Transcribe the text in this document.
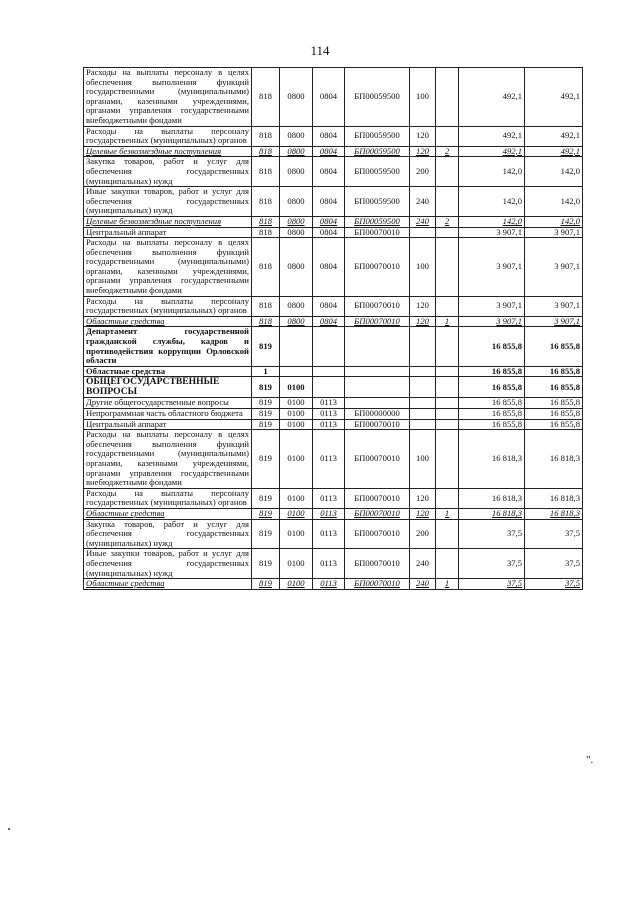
114
Расходы на выплаты персоналу в целях обеспечения выполнения функций государственными (муниципальными) органами, казенными учреждениями, органами управления государственными внебюджетными фондами	818	0800	0804	БП00059500	100		492,1	492,1
Расходы на выплаты персоналу государственных (муниципальных) органов	818	0800	0804	БП00059500	120		492,1	492,1
Целевые безвозмездные поступления	818	0800	0804	БП00059500	120	2	492,1	492,1
Закупка товаров, работ и услуг для обеспечения государственных (муниципальных) нужд	818	0800	0804	БП00059500	200		142,0	142,0
Иные закупки товаров, работ и услуг для обеспечения государственных (муниципальных) нужд	818	0800	0804	БП00059500	240		142,0	142,0
Целевые безвозмездные поступления	818	0800	0804	БП00059500	240	2	142,0	142,0
Центральный аппарат	818	0800	0804	БП00070010			3 907,1	3 907,1
Расходы на выплаты персоналу в целях обеспечения выполнения функций государственными (муниципальными) органами, казенными учреждениями, органами управления государственными внебюджетными фондами	818	0800	0804	БП00070010	100		3 907,1	3 907,1
Расходы на выплаты персоналу государственных (муниципальных) органов	818	0800	0804	БП00070010	120		3 907,1	3 907,1
Областные средства	818	0800	0804	БП00070010	120	1	3 907,1	3 907,1
Департамент государственной гражданской службы, кадров и противодействия коррупции Орловской области	819						16 855,8	16 855,8
Областные средства	1						16 855,8	16 855,8
ОБЩЕГОСУДАРСТВЕННЫЕ ВОПРОСЫ	819	0100					16 855,8	16 855,8
Другие общегосударственные вопросы	819	0100	0113				16 855,8	16 855,8
Непрограммная часть областного бюджета	819	0100	0113	БП00000000			16 855,8	16 855,8
Центральный аппарат	819	0100	0113	БП00070010			16 855,8	16 855,8
Расходы на выплаты персоналу в целях обеспечения выполнения функций государственными (муниципальными) органами, казенными учреждениями, органами управления государственными внебюджетными фондами	819	0100	0113	БП00070010	100		16 818,3	16 818,3
Расходы на выплаты персоналу государственных (муниципальных) органов	819	0100	0113	БП00070010	120		16 818,3	16 818,3
Областные средства	819	0100	0113	БП00070010	120	1	16 818,3	16 818,3
Закупка товаров, работ и услуг для обеспечения государственных (муниципальных) нужд	819	0100	0113	БП00070010	200		37,5	37,5
Иные закупки товаров, работ и услуг для обеспечения государственных (муниципальных) нужд	819	0100	0113	БП00070010	240		37,5	37,5
Областные средства	819	0100	0113	БП00070010	240	1	37,5	37,5
".
